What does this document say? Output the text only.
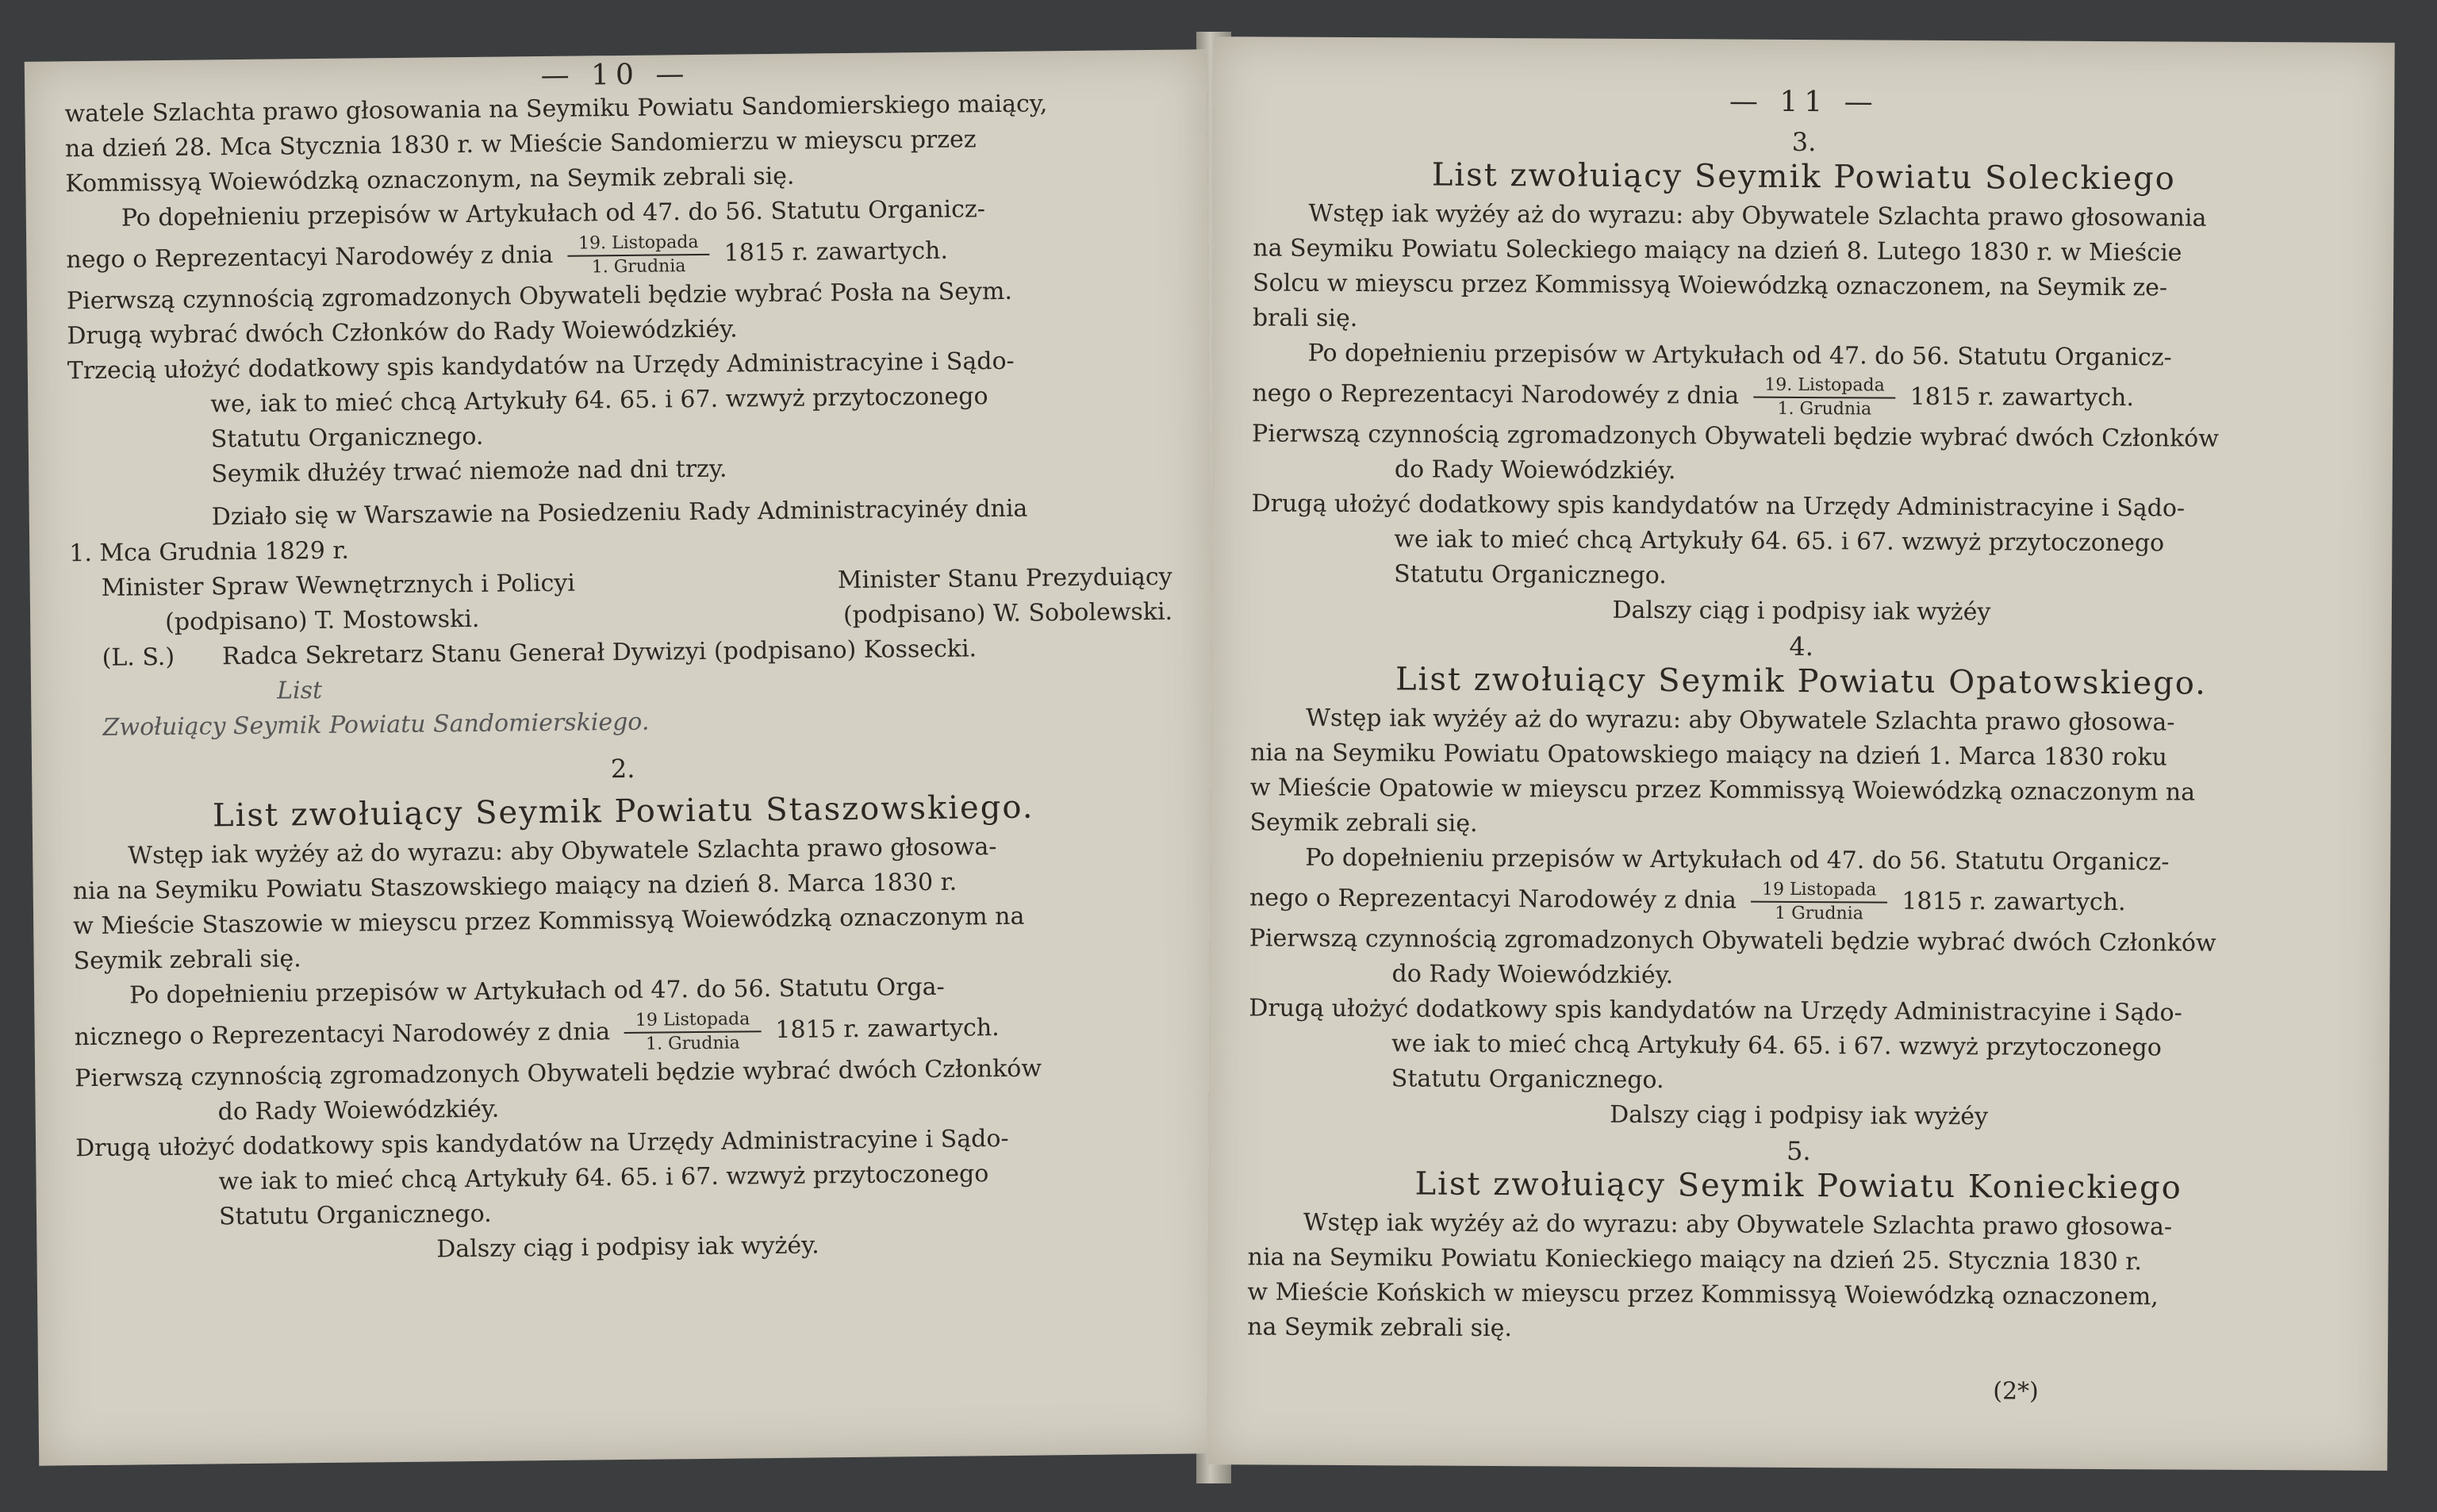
— 10 —
watele Szlachta prawo głosowania na Seymiku Powiatu Sandomierskiego maiący,
na dzień 28. Mca Stycznia 1830 r. w Mieście Sandomierzu w mieyscu przez
Kommissyą Woiewódzką oznaczonym, na Seymik zebrali się.
Po dopełnieniu przepisów w Artykułach od 47. do 56. Statutu Organicz-
nego o Reprezentacyi Narodowéy z dnia $\frac{\text{19. Listopada}}{\text{1. Grudnia}} 1815$ r. zawartych.
Pierwszą czynnością zgromadzonych Obywateli będzie wybrać Posła na Seym.
Drugą wybrać dwóch Członków do Rady Woiewódzkiéy.
Trzecią ułożyć dodatkowy spis kandydatów na Urzędy Administracyine i Sądo-
we, iak to mieć chcą Artykuły 64. 65. i 67. wzwyż przytoczonego
Statutu Organicznego.
Seymik dłużéy trwać niemoże nad dni trzy.
Działo się w Warszawie na Posiedzeniu Rady Administracyinéy dnia
1. Mca Grudnia 1829 r.
Minister Spraw Wewnętrznych i Policyi	Minister Stanu Prezyduiący
(podpisano) T. Mostowski.	(podpisano) W. Sobolewski.
(L. S.) Radca Sekretarz Stanu Generał Dywizyi (podpisano) Kossecki.
List
Zwołuiący Seymik Powiatu Sandomierskiego.
2.
List zwołuiący Seymik Powiatu Staszowskiego.
Wstęp iak wyżéy aż do wyrazu: aby Obywatele Szlachta prawo głosowa-
nia na Seymiku Powiatu Staszowskiego maiący na dzień 8. Marca 1830 r.
w Mieście Staszowie w mieyscu przez Kommissyą Woiewódzką oznaczonym na
Seymik zebrali się.
Po dopełnieniu przepisów w Artykułach od 47. do 56. Statutu Orga-
nicznego o Reprezentacyi Narodowéy z dnia $\frac{\text{19 Listopada}}{\text{1. Grudnia}} 1815$ r. zawartych.
Pierwszą czynnością zgromadzonych Obywateli będzie wybrać dwóch Członków
do Rady Woiewódzkiéy.
Drugą ułożyć dodatkowy spis kandydatów na Urzędy Administracyine i Sądo-
we iak to mieć chcą Artykuły 64. 65. i 67. wzwyż przytoczonego
Statutu Organicznego.
Dalszy ciąg i podpisy iak wyżéy.
— 11 —
3.
List zwołuiący Seymik Powiatu Soleckiego
Wstęp iak wyżéy aż do wyrazu: aby Obywatele Szlachta prawo głosowania
na Seymiku Powiatu Soleckiego maiący na dzień 8. Lutego 1830 r. w Mieście
Solcu w mieyscu przez Kommissyą Woiewódzką oznaczonem, na Seymik ze-
brali się.
Po dopełnieniu przepisów w Artykułach od 47. do 56. Statutu Organicz-
nego o Reprezentacyi Narodowéy z dnia $\frac{\text{19. Listopada}}{\text{1. Grudnia}} 1815$ r. zawartych.
Pierwszą czynnością zgromadzonych Obywateli będzie wybrać dwóch Członków
do Rady Woiewódzkiéy.
Drugą ułożyć dodatkowy spis kandydatów na Urzędy Administracyine i Sądo-
we iak to mieć chcą Artykuły 64. 65. i 67. wzwyż przytoczonego
Statutu Organicznego.
Dalszy ciąg i podpisy iak wyżéy
4.
List zwołuiący Seymik Powiatu Opatowskiego.
Wstęp iak wyżéy aż do wyrazu: aby Obywatele Szlachta prawo głosowa-
nia na Seymiku Powiatu Opatowskiego maiący na dzień 1. Marca 1830 roku
w Mieście Opatowie w mieyscu przez Kommissyą Woiewódzką oznaczonym na
Seymik zebrali się.
Po dopełnieniu przepisów w Artykułach od 47. do 56. Statutu Organicz-
nego o Reprezentacyi Narodowéy z dnia $\frac{\text{19 Listopada}}{\text{1 Grudnia}} 1815$ r. zawartych.
Pierwszą czynnością zgromadzonych Obywateli będzie wybrać dwóch Członków
do Rady Woiewódzkiéy.
Drugą ułożyć dodatkowy spis kandydatów na Urzędy Administracyine i Sądo-
we iak to mieć chcą Artykuły 64. 65. i 67. wzwyż przytoczonego
Statutu Organicznego.
Dalszy ciąg i podpisy iak wyżéy
5.
List zwołuiący Seymik Powiatu Konieckiego
Wstęp iak wyżéy aż do wyrazu: aby Obywatele Szlachta prawo głosowa-
nia na Seymiku Powiatu Konieckiego maiący na dzień 25. Stycznia 1830 r.
w Mieście Końskich w mieyscu przez Kommissyą Woiewódzką oznaczonem,
na Seymik zebrali się.
(2*)
